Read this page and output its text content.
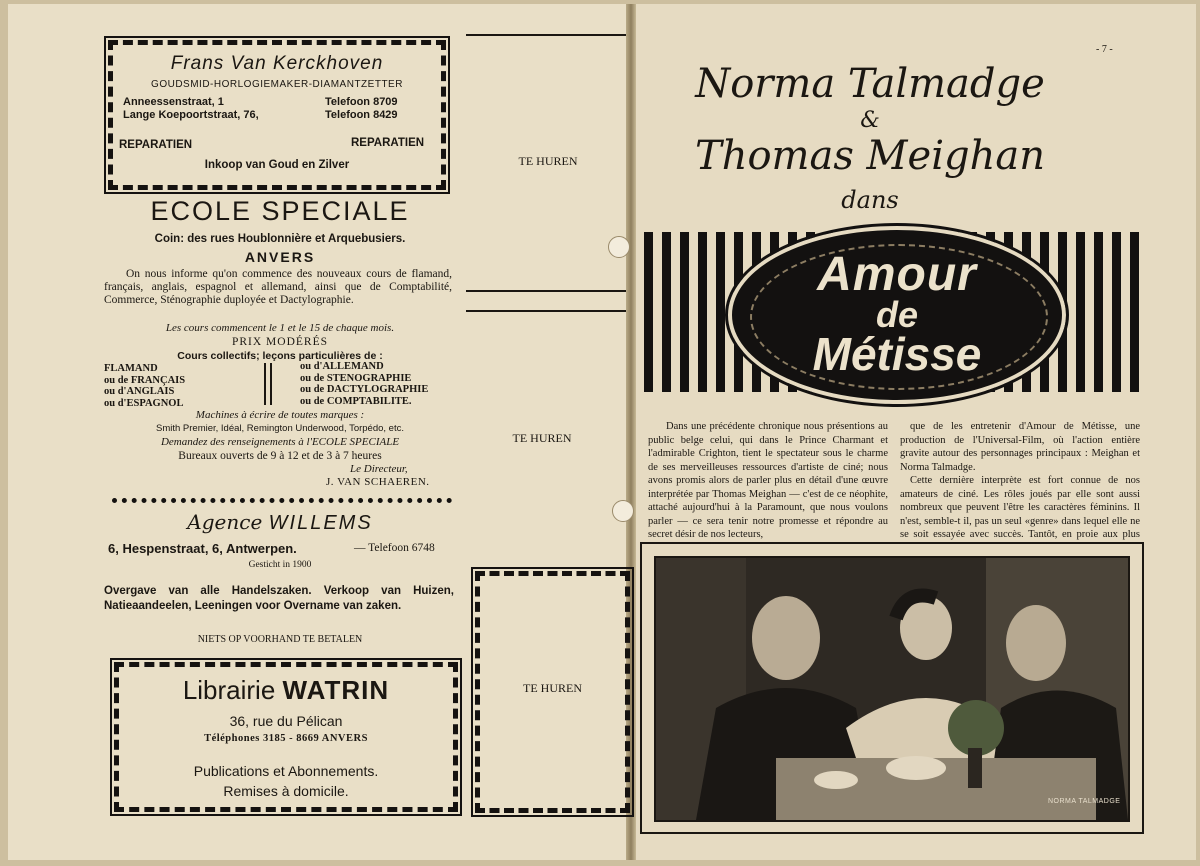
Frans Van Kerckhoven
GOUDSMID-HORLOGIEMAKER-DIAMANTZETTER
Anneessenstraat, 1	Telefoon 8709
Lange Koepoortstraat, 76,	Telefoon 8429
REPARATIEN	REPARATIEN
Inkoop van Goud en Zilver
ECOLE SPECIALE
Coin: des rues Houblonnière et Arquebusiers.
ANVERS
On nous informe qu'on commence des nouveaux cours de flamand, français, anglais, espagnol et allemand, ainsi que de Comptabilité, Commerce, Sténographie duployée et Dactylographie.
Les cours commencent le 1 et le 15 de chaque mois.
PRIX MODÉRÉS
Cours collectifs; leçons particulières de :
FLAMAND
ou de FRANÇAIS
ou d'ANGLAIS
ou d'ESPAGNOL
ou d'ALLEMAND
ou de STENOGRAPHIE
ou de DACTYLOGRAPHIE
ou de COMPTABILITE.
Machines à écrire de toutes marques :
Smith Premier, Idéal, Remington Underwood, Torpédo, etc.
Demandez des renseignements à l'ECOLE SPECIALE
Bureaux ouverts de 9 à 12 et de 3 à 7 heures
Le Directeur,
J. VAN SCHAEREN.
Agence WILLEMS
6, Hespenstraat, 6, Antwerpen.	— Telefoon 6748
Gesticht in 1900
Overgave van alle Handelszaken. Verkoop van Huizen, Natieaandeelen, Leeningen voor Overname van zaken.
NIETS OP VOORHAND TE BETALEN
Librairie WATRIN
36, rue du Pélican
Téléphones 3185 - 8669 ANVERS
Publications et Abonnements.
Remises à domicile.
TE HUREN
TE HUREN
TE HUREN
- 7 -
Norma Talmadge
&
Thomas Meighan
dans
Amour
de
Métisse
Dans une précédente chronique nous présentions au public belge celui, qui dans le Prince Charmant et l'admirable Crighton, tient le spectateur sous le charme de ses merveilleuses ressources d'artiste de ciné; nous avons promis alors de parler plus en détail d'une œuvre interprétée par Thomas Meighan — c'est de ce néophite, attaché aujourd'hui à la Paramount, que nous voulons parler — ce sera tenir notre promesse et répondre au secret désir de nos lecteurs,
que de les entretenir d'Amour de Métisse, une production de l'Universal-Film, où l'action entière gravite autour des personnages principaux : Meighan et Norma Talmadge.
Cette dernière interprète est fort connue de nos amateurs de ciné. Les rôles joués par elle sont aussi nombreux que peuvent l'être les caractères féminins. Il n'est, semble-t il, pas un seul «genre» dans lequel elle ne se soit essayée avec succès. Tantôt, en proie aux plus
NORMA TALMADGE
